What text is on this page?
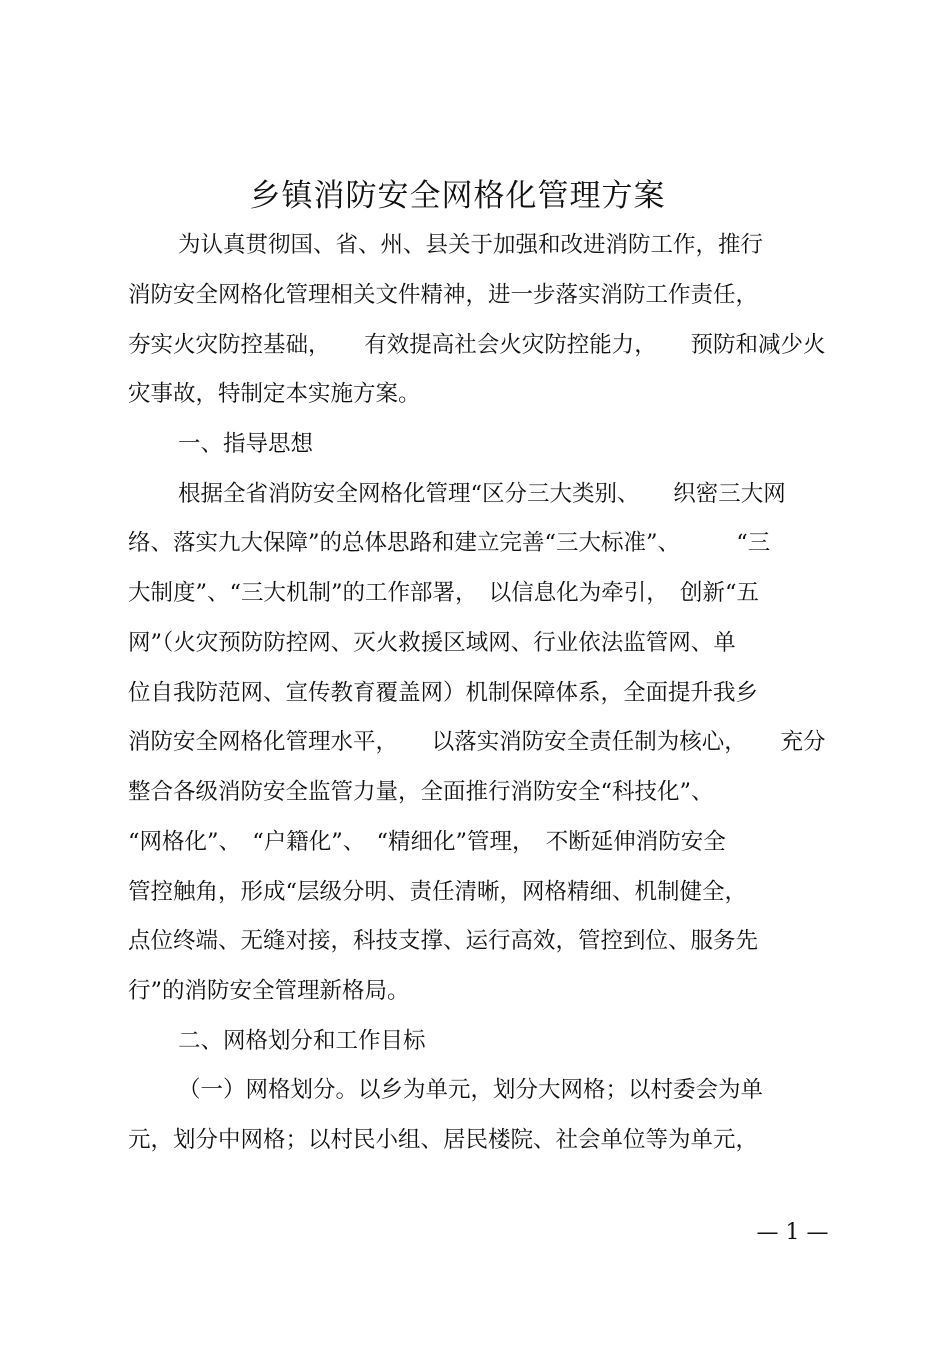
乡镇消防安全网格化管理方案
为认真贯彻国、省、州、县关于加强和改进消防工作，推行
消防安全网格化管理相关文件精神，进一步落实消防工作责任，
夯实火灾防控基础，　　有效提高社会火灾防控能力，　　预防和减少火
灾事故，特制定本实施方案。
一、指导思想
根据全省消防安全网格化管理“区分三大类别、　　织密三大网
络、落实九大保障”的总体思路和建立完善“三大标准”、　　　“三
大制度”、“三大机制”的工作部署，　以信息化为牵引，　创新“五
网”（火灾预防防控网、灭火救援区域网、行业依法监管网、单
位自我防范网、宣传教育覆盖网）机制保障体系，全面提升我乡
消防安全网格化管理水平，　　以落实消防安全责任制为核心，　　充分
整合各级消防安全监管力量，全面推行消防安全“科技化”、
“网格化”、　“户籍化”、　“精细化”管理，　不断延伸消防安全
管控触角，形成“层级分明、责任清晰，网格精细、机制健全，
点位终端、无缝对接，科技支撑、运行高效，管控到位、服务先
行”的消防安全管理新格局。
二、网格划分和工作目标
（一）网格划分。以乡为单元，划分大网格；以村委会为单
元，划分中网格；以村民小组、居民楼院、社会单位等为单元，
— 1 —
